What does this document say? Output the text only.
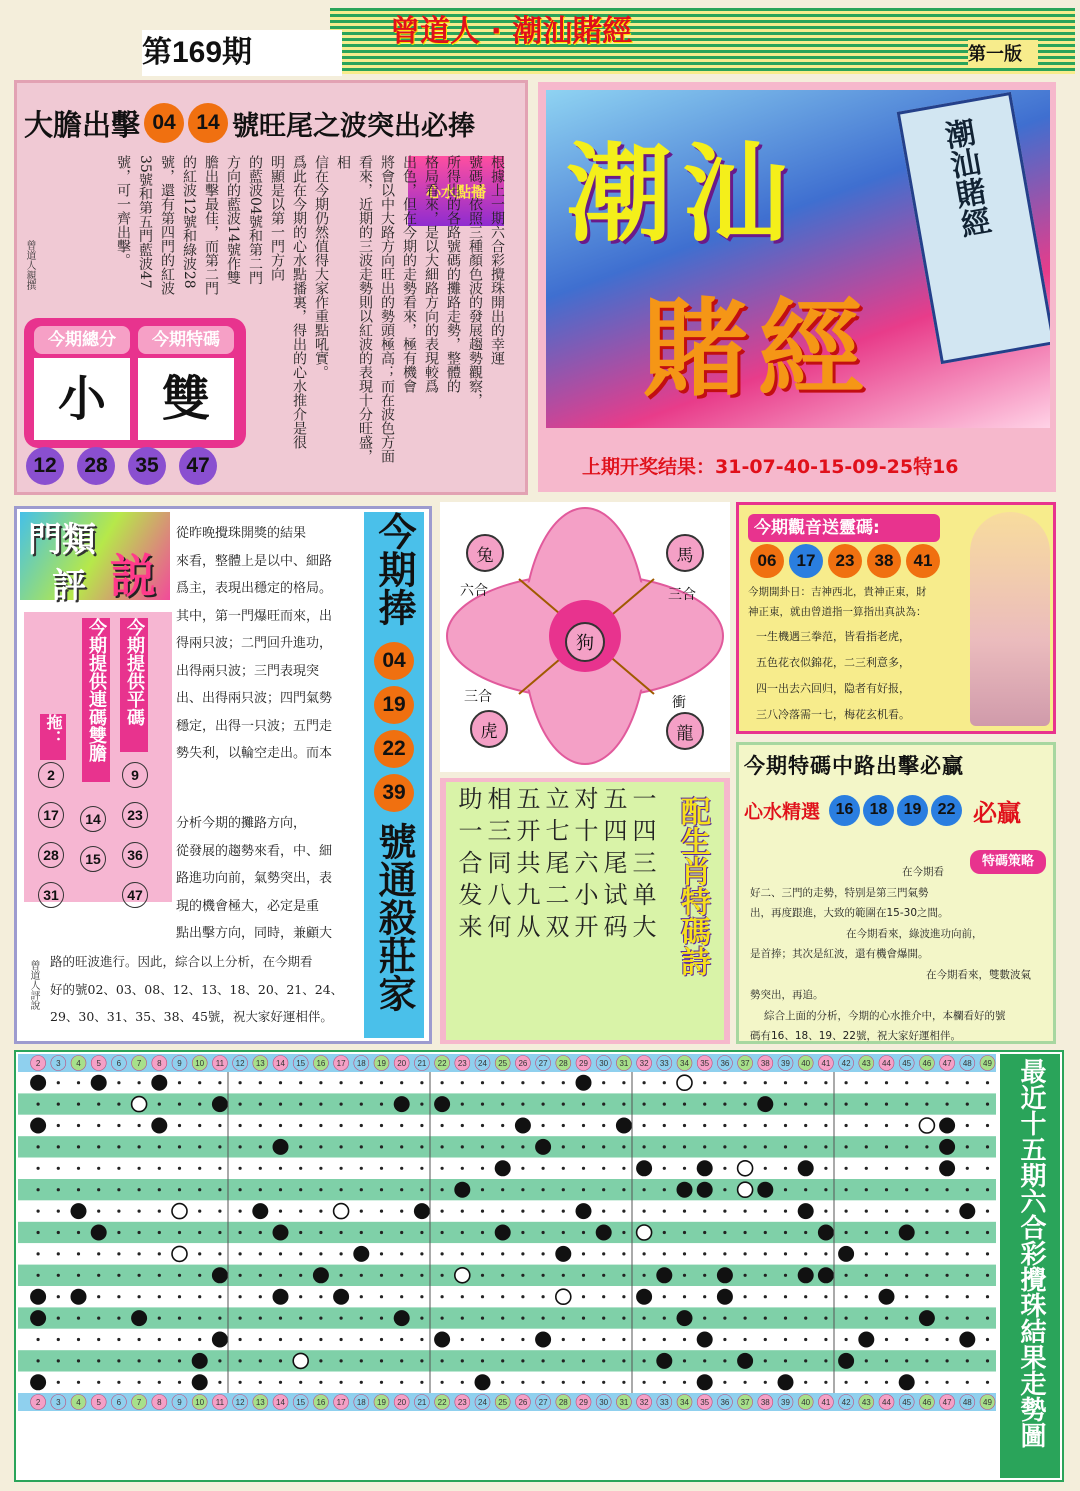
第169期
曾道人 · 潮汕賭經
第一版
大膽出擊 04 14 號旺尾之波突出必捧
心水點播 根據上一期六合彩攪珠開出的幸運
號碼，依照三種顏色波的發展趨勢觀察，
所得出的各路號碼的攤路走勢，整體的
格局看來，是以大細路方向的表現較爲
出色，但在今期的走勢看來，極有機會
將會以中大路方向旺出的勢頭極高；而在波色方面
看來，近期的三波走勢則以紅波的表現十分旺盛，相
信在今期仍然值得大家作重點吼實。
爲此在今期的心水點播裏，得出的心水推介是很
明顯是以第一門方向
的藍波04號和第二門
方向的藍波14號作雙
膽出擊最佳，而第二門
的紅波12號和綠波28
號，還有第四門的紅波
35號和第五門藍波47
號，可一齊出擊。
曾道人親撰
今期總分	今期特碼
小	雙
12	28	35	47
潮汕
賭經
潮汕賭經
上期开奖结果：31-07-40-15-09-25特16
門類
評 説
今期提供連碼雙膽 今期提供平碼
拖：
2
17
28
31
14
15
9
23
36
47
從昨晚攪珠開獎的結果
來看，整體上是以中、細路
爲主，表現出穩定的格局。
其中，第一門爆旺而來，出
得兩只波；二門回升進功，
出得兩只波；三門表現突
出、出得兩只波；四門氣勢
穩定，出得一只波；五門走
勢失利，以輪空走出。而本
分析今期的攤路方向，
從發展的趨勢來看，中、細
路進功向前，氣勢突出，表
現的機會極大，必定是重
點出擊方向，同時，兼顧大
路的旺波進行。因此，綜合以上分析，在今期看
好的號02、03、08、12、13、18、20、21、24、
29、30、31、35、38、45號，祝大家好運相伴。
曾道人評說
今期捧
04
19
22
39
號通殺莊家
狗
兔	馬
虎	龍
六合	三合
三合	衝
今期觀音送靈碼:
06	17	23	38	41
今期開卦日：吉神西北，貴神正東，財
神正東，就由曾道指一算指出真訣為：
一生機遇三拳范，皆看指老虎，
五色花衣似錦花，二三利意多，
四一出去六回归，隐者有好报，
三八冷落需一七，梅花玄机看。
今期特碼中路出擊必贏
心水精選 16	18	19	22 必贏
特碼策略
在今期看
好二、三門的走勢，特别是第三門氣勢
出，再度跟進，大致的範圍在15-30之間。
在今期看來，綠波進功向前，
是首捧；其次是紅波，還有機會爆開。
在今期看來，雙數波氣
勢突出，再追。
綜合上面的分析，今期的心水推介中，本欄看好的號
碼有16、18、19、22號，祝大家好運相伴。
一四三单大
五四尾试码
对十六小开
立七尾二双
五开共九从
相三同八何
助一合发来	配生肖特碼詩
2
2
3
3
4
4
5
5
6
6
7
7
8
8
9
9
10
10
11
11
12
12
13
13
14
14
15
15
16
16
17
17
18
18
19
19
20
20
21
21
22
22
23
23
24
24
25
25
26
26
27
27
28
28
29
29
30
30
31
31
32
32
33
33
34
34
35
35
36
36
37
37
38
38
39
39
40
40
41
41
42
42
43
43
44
44
45
45
46
46
47
47
48
48
49
49 最近十五期六合彩攪珠結果走勢圖
